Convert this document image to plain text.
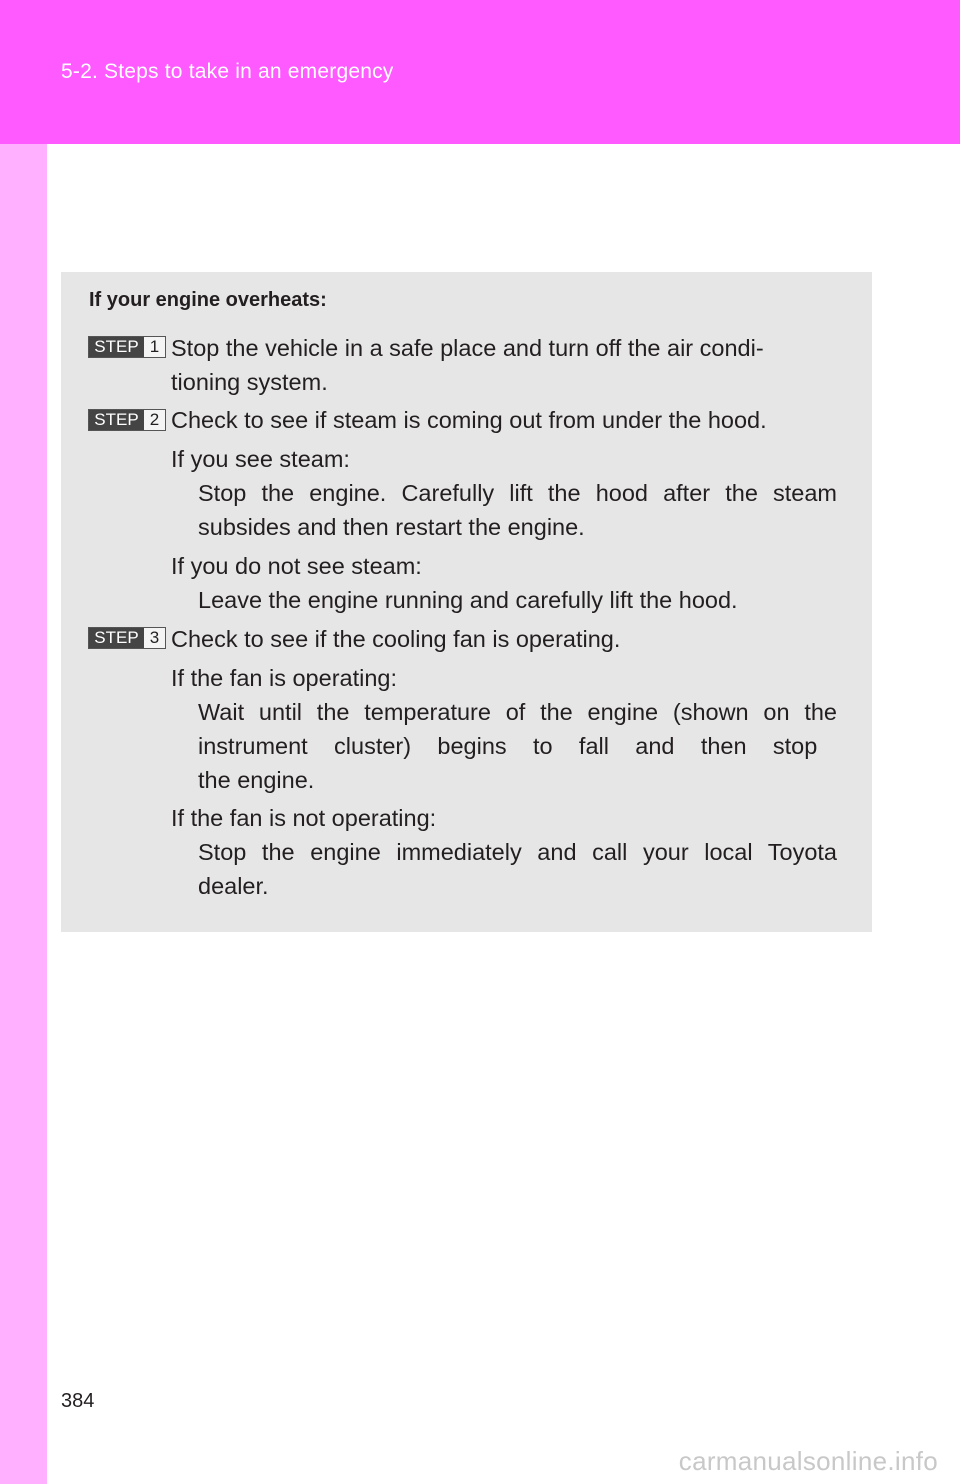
5-2. Steps to take in an emergency
If your engine overheats:
STEP 1 Stop the vehicle in a safe place and turn off the air condi-
tioning system.
STEP 2 Check to see if steam is coming out from under the hood.
If you see steam:
Stop the engine. Carefully lift the hood after the steam subsides and then restart the engine.
If you do not see steam:
Leave the engine running and carefully lift the hood.
STEP 3 Check to see if the cooling fan is operating.
If the fan is operating:
Wait until the temperature of the engine (shown on the instrument    cluster)    begins    to    fall    and    then    stop    the engine.
If the fan is not operating:
Stop the engine immediately and call your local Toyota dealer.
384
carmanualsonline.info
